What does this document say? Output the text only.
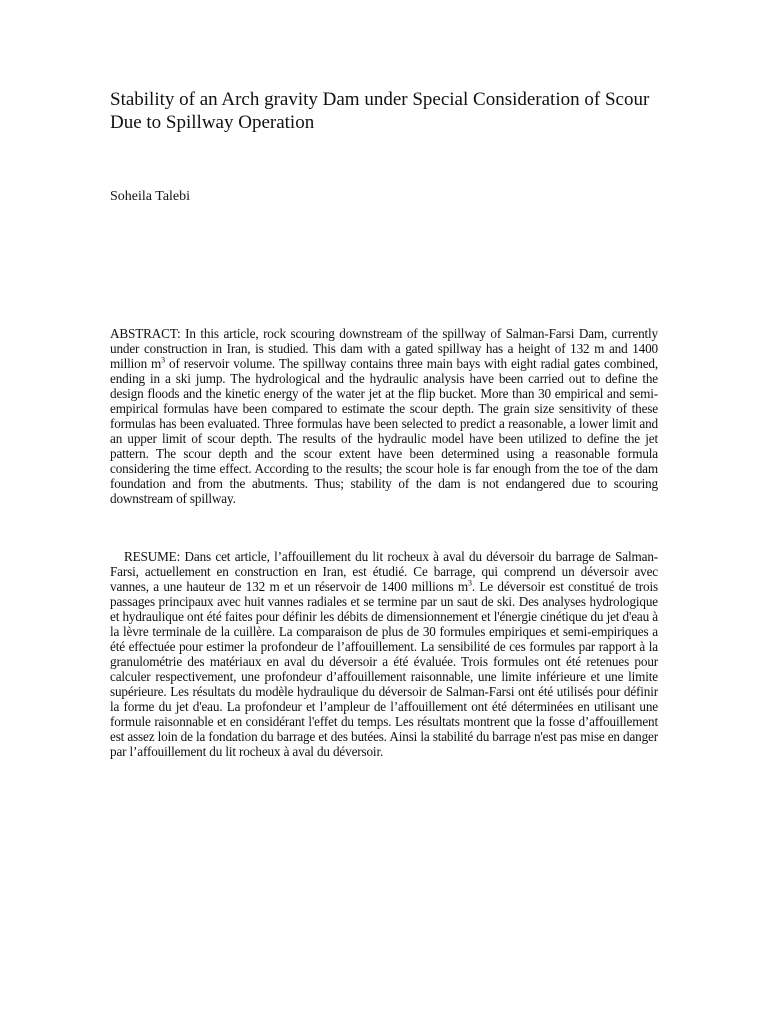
Stability of an Arch gravity Dam under Special Consideration of Scour Due to Spillway Operation

Soheila Talebi

ABSTRACT: In this article, rock scouring downstream of the spillway of Salman-Farsi Dam, currently under construction in Iran, is studied. This dam with a gated spillway has a height of 132 m and 1400 million $m^3$ of reservoir volume. The spillway contains three main bays with eight radial gates combined, ending in a ski jump. The hydrological and the hydraulic analysis have been carried out to define the design floods and the kinetic energy of the water jet at the flip bucket. More than 30 empirical and semi-empirical formulas have been compared to estimate the scour depth. The grain size sensitivity of these formulas has been evaluated. Three formulas have been selected to predict a reasonable, a lower limit and an upper limit of scour depth. The results of the hydraulic model have been utilized to define the jet pattern. The scour depth and the scour extent have been determined using a reasonable formula considering the time effect. According to the results; the scour hole is far enough from the toe of the dam foundation and from the abutments. Thus; stability of the dam is not endangered due to scouring downstream of spillway.

RESUME: Dans cet article, l’affouillement du lit rocheux à aval du déversoir du barrage de Salman-Farsi, actuellement en construction en Iran, est étudié. Ce barrage, qui comprend un déversoir avec vannes, a une hauteur de 132 m et un réservoir de 1400 millions $m^3$. Le déversoir est constitué de trois passages principaux avec huit vannes radiales et se termine par un saut de ski. Des analyses hydrologique et hydraulique ont été faites pour définir les débits de dimensionnement et l'énergie cinétique du jet d'eau à la lèvre terminale de la cuillère. La comparaison de plus de 30 formules empiriques et semi-empiriques a été effectuée pour estimer la profondeur de l’affouillement. La sensibilité de ces formules par rapport à la granulométrie des matériaux en aval du déversoir a été évaluée. Trois formules ont été retenues pour calculer respectivement, une profondeur d’affouillement raisonnable, une limite inférieure et une limite supérieure. Les résultats du modèle hydraulique du déversoir de Salman-Farsi ont été utilisés pour définir la forme du jet d'eau. La profondeur et l’ampleur de l’affouillement ont été déterminées en utilisant une formule raisonnable et en considérant l'effet du temps. Les résultats montrent que la fosse d’affouillement est assez loin de la fondation du barrage et des butées. Ainsi la stabilité du barrage n'est pas mise en danger par l’affouillement du lit rocheux à aval du déversoir.
